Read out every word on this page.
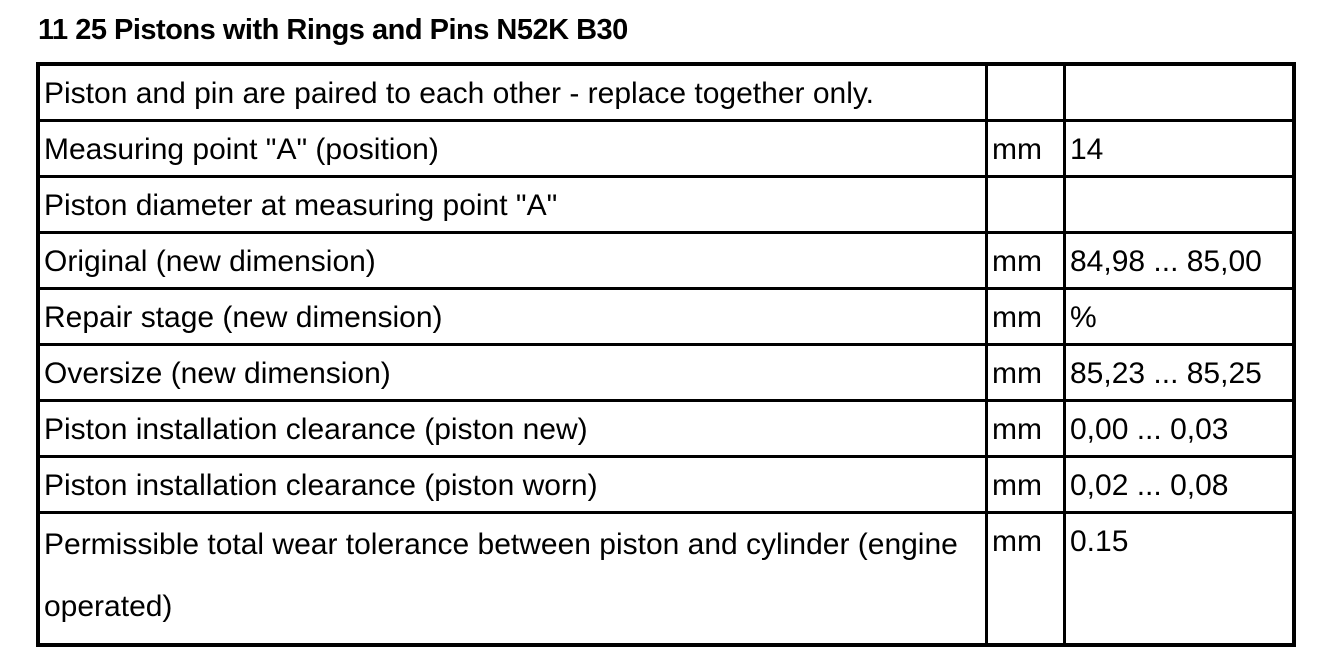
11 25 Pistons with Rings and Pins N52K B30
Piston and pin are paired to each other - replace together only.		
Measuring point "A" (position)	mm	14
Piston diameter at measuring point "A"		
Original (new dimension)	mm	84,98 ... 85,00
Repair stage (new dimension)	mm	%
Oversize (new dimension)	mm	85,23 ... 85,25
Piston installation clearance (piston new)	mm	0,00 ... 0,03
Piston installation clearance (piston worn)	mm	0,02 ... 0,08
Permissible total wear tolerance between piston and cylinder (engine operated)	mm	0.15
